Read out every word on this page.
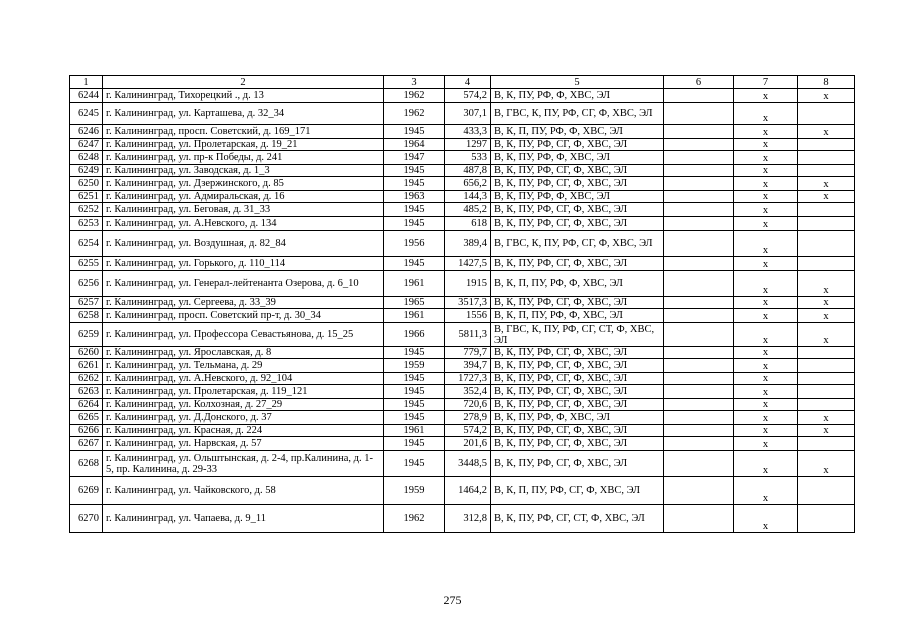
1	2	3	4	5	6	7	8
6244	г. Калининград, Тихорецкий ., д. 13	1962	574,2	В, К, ПУ, РФ, Ф, ХВС, ЭЛ		х	х
6245	г. Калининград, ул. Карташева, д. 32_34	1962	307,1	В, ГВС, К, ПУ, РФ, СГ, Ф, ХВС, ЭЛ		х	
6246	г. Калининград, просп. Советский, д. 169_171	1945	433,3	В, К, П, ПУ, РФ, Ф, ХВС, ЭЛ		х	х
6247	г. Калининград, ул. Пролетарская, д. 19_21	1964	1297	В, К, ПУ, РФ, СГ, Ф, ХВС, ЭЛ		х	
6248	г. Калининград, ул. пр-к Победы, д. 241	1947	533	В, К, ПУ, РФ, Ф, ХВС, ЭЛ		х	
6249	г. Калининград, ул. Заводская, д. 1_3	1945	487,8	В, К, ПУ, РФ, СГ, Ф, ХВС, ЭЛ		х	
6250	г. Калининград, ул. Дзержинского, д. 85	1945	656,2	В, К, ПУ, РФ, СГ, Ф, ХВС, ЭЛ		х	х
6251	г. Калининград, ул. Адмиральская, д. 16	1963	144,3	В, К, ПУ, РФ, Ф, ХВС, ЭЛ		х	х
6252	г. Калининград, ул. Беговая, д. 31_33	1945	485,2	В, К, ПУ, РФ, СГ, Ф, ХВС, ЭЛ		х	
6253	г. Калининград, ул. А.Невского, д. 134	1945	618	В, К, ПУ, РФ, СГ, Ф, ХВС, ЭЛ		х	
6254	г. Калининград, ул. Воздушная, д. 82_84	1956	389,4	В, ГВС, К, ПУ, РФ, СГ, Ф, ХВС, ЭЛ		х	
6255	г. Калининград, ул. Горького, д. 110_114	1945	1427,5	В, К, ПУ, РФ, СГ, Ф, ХВС, ЭЛ		х	
6256	г. Калининград, ул. Генерал-лейтенанта Озерова, д. 6_10	1961	1915	В, К, П, ПУ, РФ, Ф, ХВС, ЭЛ		х	х
6257	г. Калининград, ул. Сергеева, д. 33_39	1965	3517,3	В, К, ПУ, РФ, СГ, Ф, ХВС, ЭЛ		х	х
6258	г. Калининград, просп. Советский пр-т, д. 30_34	1961	1556	В, К, П, ПУ, РФ, Ф, ХВС, ЭЛ		х	х
6259	г. Калининград, ул. Профессора Севастьянова, д. 15_25	1966	5811,3	В, ГВС, К, ПУ, РФ, СГ, СТ, Ф, ХВС, ЭЛ		х	х
6260	г. Калининград, ул. Ярославская, д. 8	1945	779,7	В, К, ПУ, РФ, СГ, Ф, ХВС, ЭЛ		х	
6261	г. Калининград, ул. Тельмана, д. 29	1959	394,7	В, К, ПУ, РФ, СГ, Ф, ХВС, ЭЛ		х	
6262	г. Калининград, ул. А.Невского, д. 92_104	1945	1727,3	В, К, ПУ, РФ, СГ, Ф, ХВС, ЭЛ		х	
6263	г. Калининград, ул. Пролетарская, д. 119_121	1945	352,4	В, К, ПУ, РФ, СГ, Ф, ХВС, ЭЛ		х	
6264	г. Калининград, ул. Колхозная, д. 27_29	1945	720,6	В, К, ПУ, РФ, СГ, Ф, ХВС, ЭЛ		х	
6265	г. Калининград, ул. Д.Донского, д. 37	1945	278,9	В, К, ПУ, РФ, Ф, ХВС, ЭЛ		х	х
6266	г. Калининград, ул. Красная, д. 224	1961	574,2	В, К, ПУ, РФ, СГ, Ф, ХВС, ЭЛ		х	х
6267	г. Калининград, ул. Нарвская, д. 57	1945	201,6	В, К, ПУ, РФ, СГ, Ф, ХВС, ЭЛ		х	
6268	г. Калининград, ул. Ольштынская, д. 2-4, пр.Калинина, д. 1-5, пр. Калинина, д. 29-33	1945	3448,5	В, К, ПУ, РФ, СГ, Ф, ХВС, ЭЛ		х	х
6269	г. Калининград, ул. Чайковского, д. 58	1959	1464,2	В, К, П, ПУ, РФ, СГ, Ф, ХВС, ЭЛ		х	
6270	г. Калининград, ул. Чапаева, д. 9_11	1962	312,8	В, К, ПУ, РФ, СГ, СТ, Ф, ХВС, ЭЛ		х	
275
